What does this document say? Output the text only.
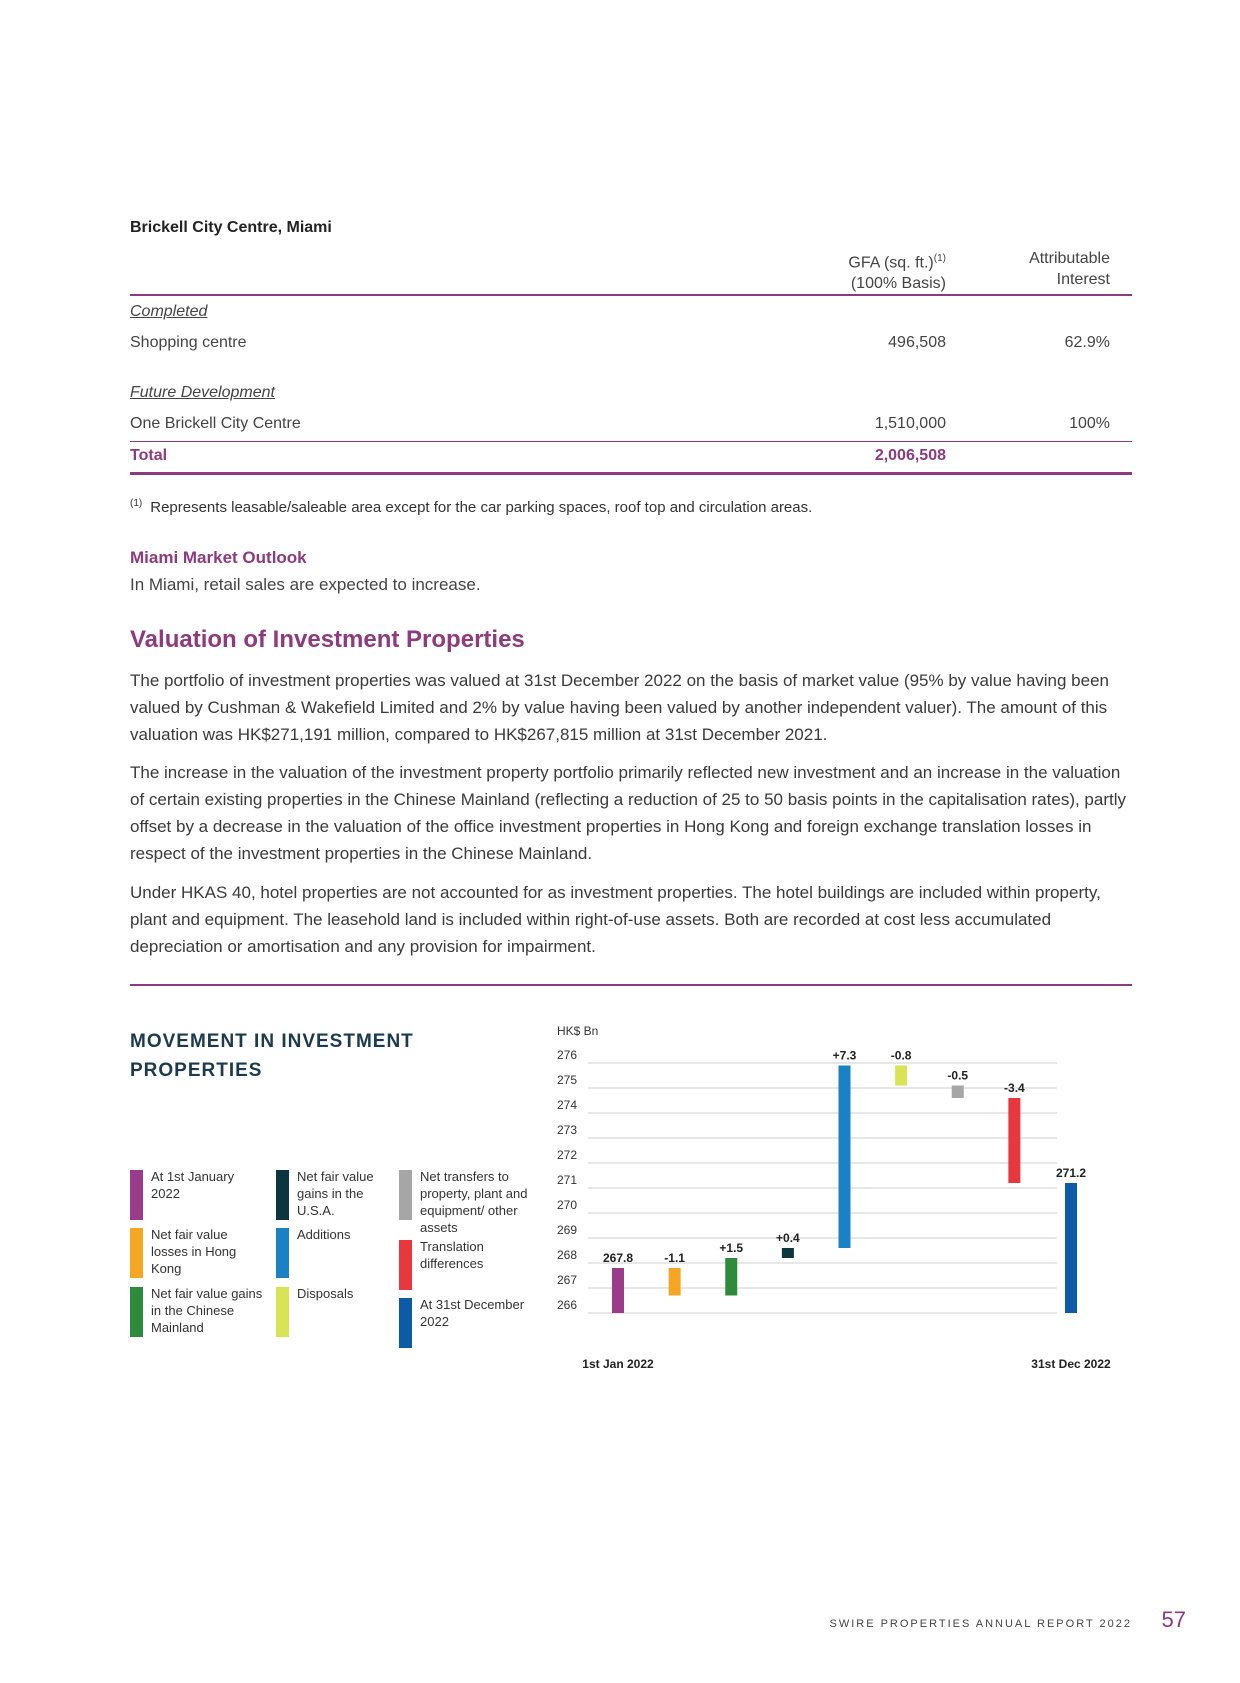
Brickell City Centre, Miami
GFA (sq. ft.)$^{(1)}$
(100% Basis)
Attributable
Interest
Completed
Shopping centre	496,508	62.9%
Future Development
One Brickell City Centre	1,510,000	100%
Total	2,006,508
$^{(1)}$ Represents leasable/saleable area except for the car parking spaces, roof top and circulation areas.
Miami Market Outlook
In Miami, retail sales are expected to increase.
Valuation of Investment Properties
The portfolio of investment properties was valued at 31st December 2022 on the basis of market value (95% by value having been valued by Cushman & Wakefield Limited and 2% by value having been valued by another independent valuer). The amount of this valuation was HK$271,191 million, compared to HK$267,815 million at 31st December 2021.
The increase in the valuation of the investment property portfolio primarily reflected new investment and an increase in the valuation of certain existing properties in the Chinese Mainland (reflecting a reduction of 25 to 50 basis points in the capitalisation rates), partly offset by a decrease in the valuation of the office investment properties in Hong Kong and foreign exchange translation losses in respect of the investment properties in the Chinese Mainland.
Under HKAS 40, hotel properties are not accounted for as investment properties. The hotel buildings are included within property, plant and equipment. The leasehold land is included within right-of-use assets. Both are recorded at cost less accumulated depreciation or amortisation and any provision for impairment.
MOVEMENT IN INVESTMENT PROPERTIES
At 1st January 2022
Net fair value losses in Hong Kong
Net fair value gains in the Chinese Mainland
Net fair value gains in the U.S.A.
Additions
Disposals
Net transfers to property, plant and equipment/ other assets
Translation differences
At 31st December 2022
HK$ Bn
276
275
274
273
272
271
270
269
268
267
266
267.8	-1.1
+1.5
+0.4
+7.3	-0.8
-0.5
-3.4
271.2
1st Jan 2022	31st Dec 2022
SWIRE PROPERTIES ANNUAL REPORT 2022 57
